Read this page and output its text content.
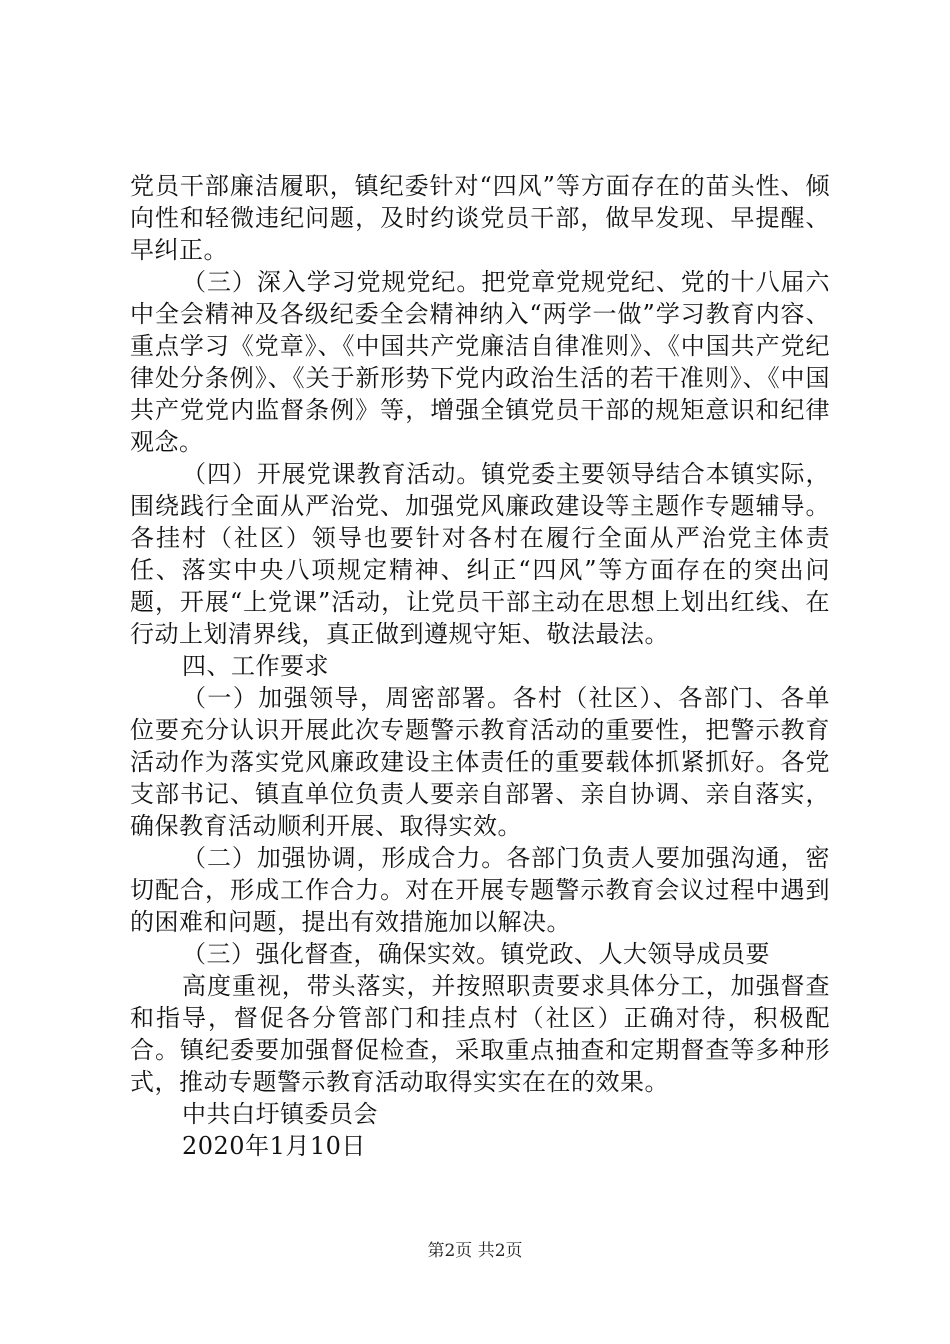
党员干部廉洁履职，镇纪委针对“四风”等方面存在的苗头性、倾向性和轻微违纪问题，及时约谈党员干部，做早发现、早提醒、早纠正。

（三）深入学习党规党纪。把党章党规党纪、党的十八届六中全会精神及各级纪委全会精神纳入“两学一做”学习教育内容、重点学习《党章》、《中国共产党廉洁自律准则》、《中国共产党纪律处分条例》、《关于新形势下党内政治生活的若干准则》、《中国共产党党内监督条例》等，增强全镇党员干部的规矩意识和纪律观念。

（四）开展党课教育活动。镇党委主要领导结合本镇实际，围绕践行全面从严治党、加强党风廉政建设等主题作专题辅导。各挂村（社区）领导也要针对各村在履行全面从严治党主体责任、落实中央八项规定精神、纠正“四风”等方面存在的突出问题，开展“上党课”活动，让党员干部主动在思想上划出红线、在行动上划清界线，真正做到遵规守矩、敬法最法。

四、工作要求

（一）加强领导，周密部署。各村（社区）、各部门、各单位要充分认识开展此次专题警示教育活动的重要性，把警示教育活动作为落实党风廉政建设主体责任的重要载体抓紧抓好。各党支部书记、镇直单位负责人要亲自部署、亲自协调、亲自落实，确保教育活动顺利开展、取得实效。

（二）加强协调，形成合力。各部门负责人要加强沟通，密切配合，形成工作合力。对在开展专题警示教育会议过程中遇到的困难和问题，提出有效措施加以解决。

（三）强化督查，确保实效。镇党政、人大领导成员要

高度重视，带头落实，并按照职责要求具体分工，加强督查和指导，督促各分管部门和挂点村（社区）正确对待，积极配合。镇纪委要加强督促检查，采取重点抽查和定期督查等多种形式，推动专题警示教育活动取得实实在在的效果。

中共白圩镇委员会

2020年1月10日

第2页 共2页
